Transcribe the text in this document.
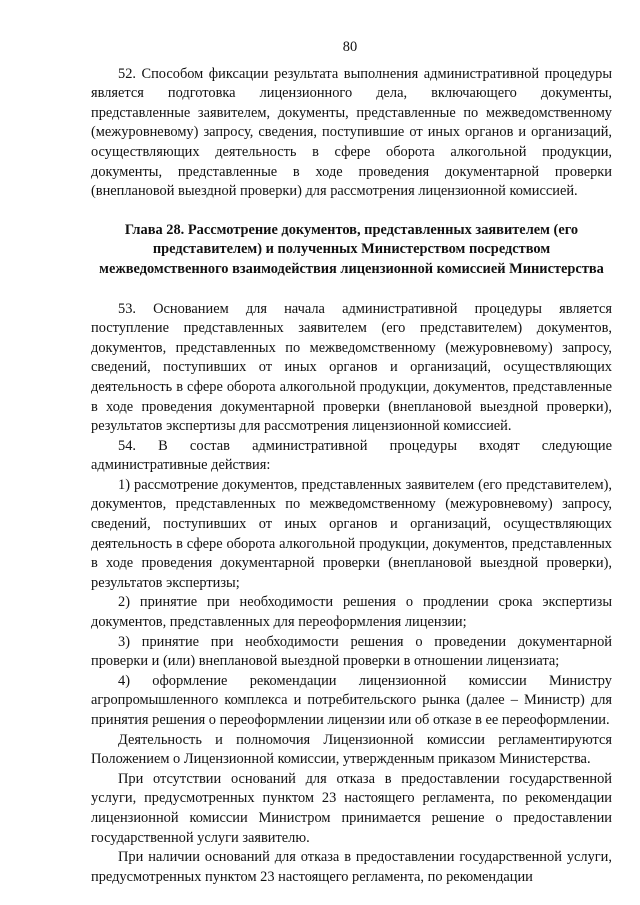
80

52. Способом фиксации результата выполнения административной процедуры является подготовка лицензионного дела, включающего документы, представленные заявителем, документы, представленные по межведомственному (межуровневому) запросу, сведения, поступившие от иных органов и организаций, осуществляющих деятельность в сфере оборота алкогольной продукции, документы, представленные в ходе проведения документарной проверки (внеплановой выездной проверки) для рассмотрения лицензионной комиссией.

Глава 28. Рассмотрение документов, представленных заявителем (его представителем) и полученных Министерством посредством межведомственного взаимодействия лицензионной комиссией Министерства

53. Основанием для начала административной процедуры является поступление представленных заявителем (его представителем) документов, документов, представленных по межведомственному (межуровневому) запросу, сведений, поступивших от иных органов и организаций, осуществляющих деятельность в сфере оборота алкогольной продукции, документов, представленные в ходе проведения документарной проверки (внеплановой выездной проверки), результатов экспертизы для рассмотрения лицензионной комиссией.

54. В состав административной процедуры входят следующие административные действия:

1) рассмотрение документов, представленных заявителем (его представителем), документов, представленных по межведомственному (межуровневому) запросу, сведений, поступивших от иных органов и организаций, осуществляющих деятельность в сфере оборота алкогольной продукции, документов, представленных в ходе проведения документарной проверки (внеплановой выездной проверки), результатов экспертизы;

2) принятие при необходимости решения о продлении срока экспертизы документов, представленных для переоформления лицензии;

3) принятие при необходимости решения о проведении документарной проверки и (или) внеплановой выездной проверки в отношении лицензиата;

4) оформление рекомендации лицензионной комиссии Министру агропромышленного комплекса и потребительского рынка (далее – Министр) для принятия решения о переоформлении лицензии или об отказе в ее переоформлении.

Деятельность и полномочия Лицензионной комиссии регламентируются Положением о Лицензионной комиссии, утвержденным приказом Министерства.

При отсутствии оснований для отказа в предоставлении государственной услуги, предусмотренных пунктом 23 настоящего регламента, по рекомендации лицензионной комиссии Министром принимается решение о предоставлении государственной услуги заявителю.

При наличии оснований для отказа в предоставлении государственной услуги, предусмотренных пунктом 23 настоящего регламента, по рекомендации
